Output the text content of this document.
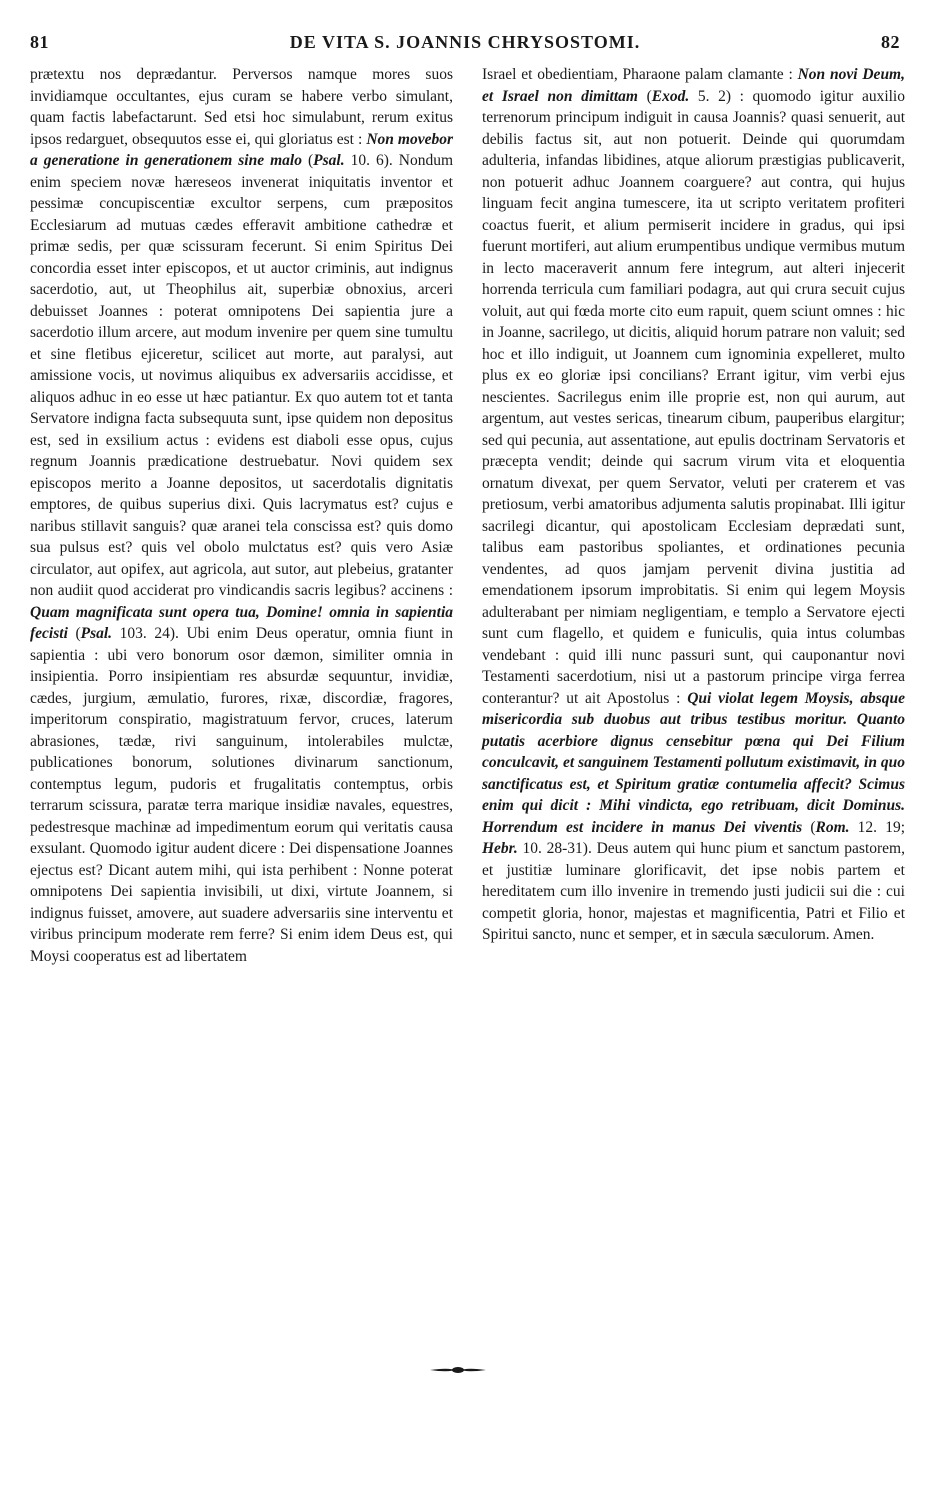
81	DE VITA S. JOANNIS CHRYSOSTOMI.	82

prætextu nos deprædantur. Perversos namque mores suos invidiamque occultantes, ejus curam se habere verbo simulant, quam factis labefactarunt. Sed etsi hoc simulabunt, rerum exitus ipsos redarguet, obsequutos esse ei, qui gloriatus est : Non movebor a generatione in generationem sine malo (Psal. 10. 6). Nondum enim speciem novæ hæreseos invenerat iniquitatis inventor et pessimæ concupiscentiæ excultor serpens, cum præpositos Ecclesiarum ad mutuas cædes efferavit ambitione cathedræ et primæ sedis, per quæ scissuram fecerunt. Si enim Spiritus Dei concordia esset inter episcopos, et ut auctor criminis, aut indignus sacerdotio, aut, ut Theophilus ait, superbiæ obnoxius, arceri debuisset Joannes : poterat omnipotens Dei sapientia jure a sacerdotio illum arcere, aut modum invenire per quem sine tumultu et sine fletibus ejiceretur, scilicet aut morte, aut paralysi, aut amissione vocis, ut novimus aliquibus ex adversariis accidisse, et aliquos adhuc in eo esse ut hæc patiantur. Ex quo autem tot et tanta Servatore indigna facta subsequuta sunt, ipse quidem non depositus est, sed in exsilium actus : evidens est diaboli esse opus, cujus regnum Joannis prædicatione destruebatur. Novi quidem sex episcopos merito a Joanne depositos, ut sacerdotalis dignitatis emptores, de quibus superius dixi. Quis lacrymatus est? cujus e naribus stillavit sanguis? quæ aranei tela conscissa est? quis domo sua pulsus est? quis vel obolo mulctatus est? quis vero Asiæ circulator, aut opifex, aut agricola, aut sutor, aut plebeius, gratanter non audiit quod acciderat pro vindicandis sacris legibus? accinens : Quam magnificata sunt opera tua, Domine! omnia in sapientia fecisti (Psal. 103. 24). Ubi enim Deus operatur, omnia fiunt in sapientia : ubi vero bonorum osor dæmon, similiter omnia in insipientia. Porro insipientiam res absurdæ sequuntur, invidiæ, cædes, jurgium, æmulatio, furores, rixæ, discordiæ, fragores, imperitorum conspiratio, magistratuum fervor, cruces, laterum abrasiones, tædæ, rivi sanguinum, intolerabiles mulctæ, publicationes bonorum, solutiones divinarum sanctionum, contemptus legum, pudoris et frugalitatis contemptus, orbis terrarum scissura, paratæ terra marique insidiæ navales, equestres, pedestresque machinæ ad impedimentum eorum qui veritatis causa exsulant. Quomodo igitur audent dicere : Dei dispensatione Joannes ejectus est? Dicant autem mihi, qui ista perhibent : Nonne poterat omnipotens Dei sapientia invisibili, ut dixi, virtute Joannem, si indignus fuisset, amovere, aut suadere adversariis sine interventu et viribus principum moderate rem ferre? Si enim idem Deus est, qui Moysi cooperatus est ad libertatem

Israel et obedientiam, Pharaone palam clamante : Non novi Deum, et Israel non dimittam (Exod. 5. 2) : quomodo igitur auxilio terrenorum principum indiguit in causa Joannis? quasi senuerit, aut debilis factus sit, aut non potuerit. Deinde qui quorumdam adulteria, infandas libidines, atque aliorum præstigias publicaverit, non potuerit adhuc Joannem coarguere? aut contra, qui hujus linguam fecit angina tumescere, ita ut scripto veritatem profiteri coactus fuerit, et alium permiserit incidere in gradus, qui ipsi fuerunt mortiferi, aut alium erumpentibus undique vermibus mutum in lecto maceraverit annum fere integrum, aut alteri injecerit horrenda terricula cum familiari podagra, aut qui crura secuit cujus voluit, aut qui fœda morte cito eum rapuit, quem sciunt omnes : hic in Joanne, sacrilego, ut dicitis, aliquid horum patrare non valuit; sed hoc et illo indiguit, ut Joannem cum ignominia expelleret, multo plus ex eo gloriæ ipsi concilians? Errant igitur, vim verbi ejus nescientes. Sacrilegus enim ille proprie est, non qui aurum, aut argentum, aut vestes sericas, tinearum cibum, pauperibus elargitur; sed qui pecunia, aut assentatione, aut epulis doctrinam Servatoris et præcepta vendit; deinde qui sacrum virum vita et eloquentia ornatum divexat, per quem Servator, veluti per craterem et vas pretiosum, verbi amatoribus adjumenta salutis propinabat. Illi igitur sacrilegi dicantur, qui apostolicam Ecclesiam deprædati sunt, talibus eam pastoribus spoliantes, et ordinationes pecunia vendentes, ad quos jamjam pervenit divina justitia ad emendationem ipsorum improbitatis. Si enim qui legem Moysis adulterabant per nimiam negligentiam, e templo a Servatore ejecti sunt cum flagello, et quidem e funiculis, quia intus columbas vendebant : quid illi nunc passuri sunt, qui cauponantur novi Testamenti sacerdotium, nisi ut a pastorum principe virga ferrea conterantur? ut ait Apostolus : Qui violat legem Moysis, absque misericordia sub duobus aut tribus testibus moritur. Quanto putatis acerbiore dignus censebitur pœna qui Dei Filium conculcavit, et sanguinem Testamenti pollutum existimavit, in quo sanctificatus est, et Spiritum gratiæ contumelia affecit? Scimus enim qui dicit : Mihi vindicta, ego retribuam, dicit Dominus. Horrendum est incidere in manus Dei viventis (Rom. 12. 19; Hebr. 10. 28-31). Deus autem qui hunc pium et sanctum pastorem, et justitiæ luminare glorificavit, det ipse nobis partem et hereditatem cum illo invenire in tremendo justi judicii sui die : cui competit gloria, honor, majestas et magnificentia, Patri et Filio et Spiritui sancto, nunc et semper, et in sæcula sæculorum. Amen.
